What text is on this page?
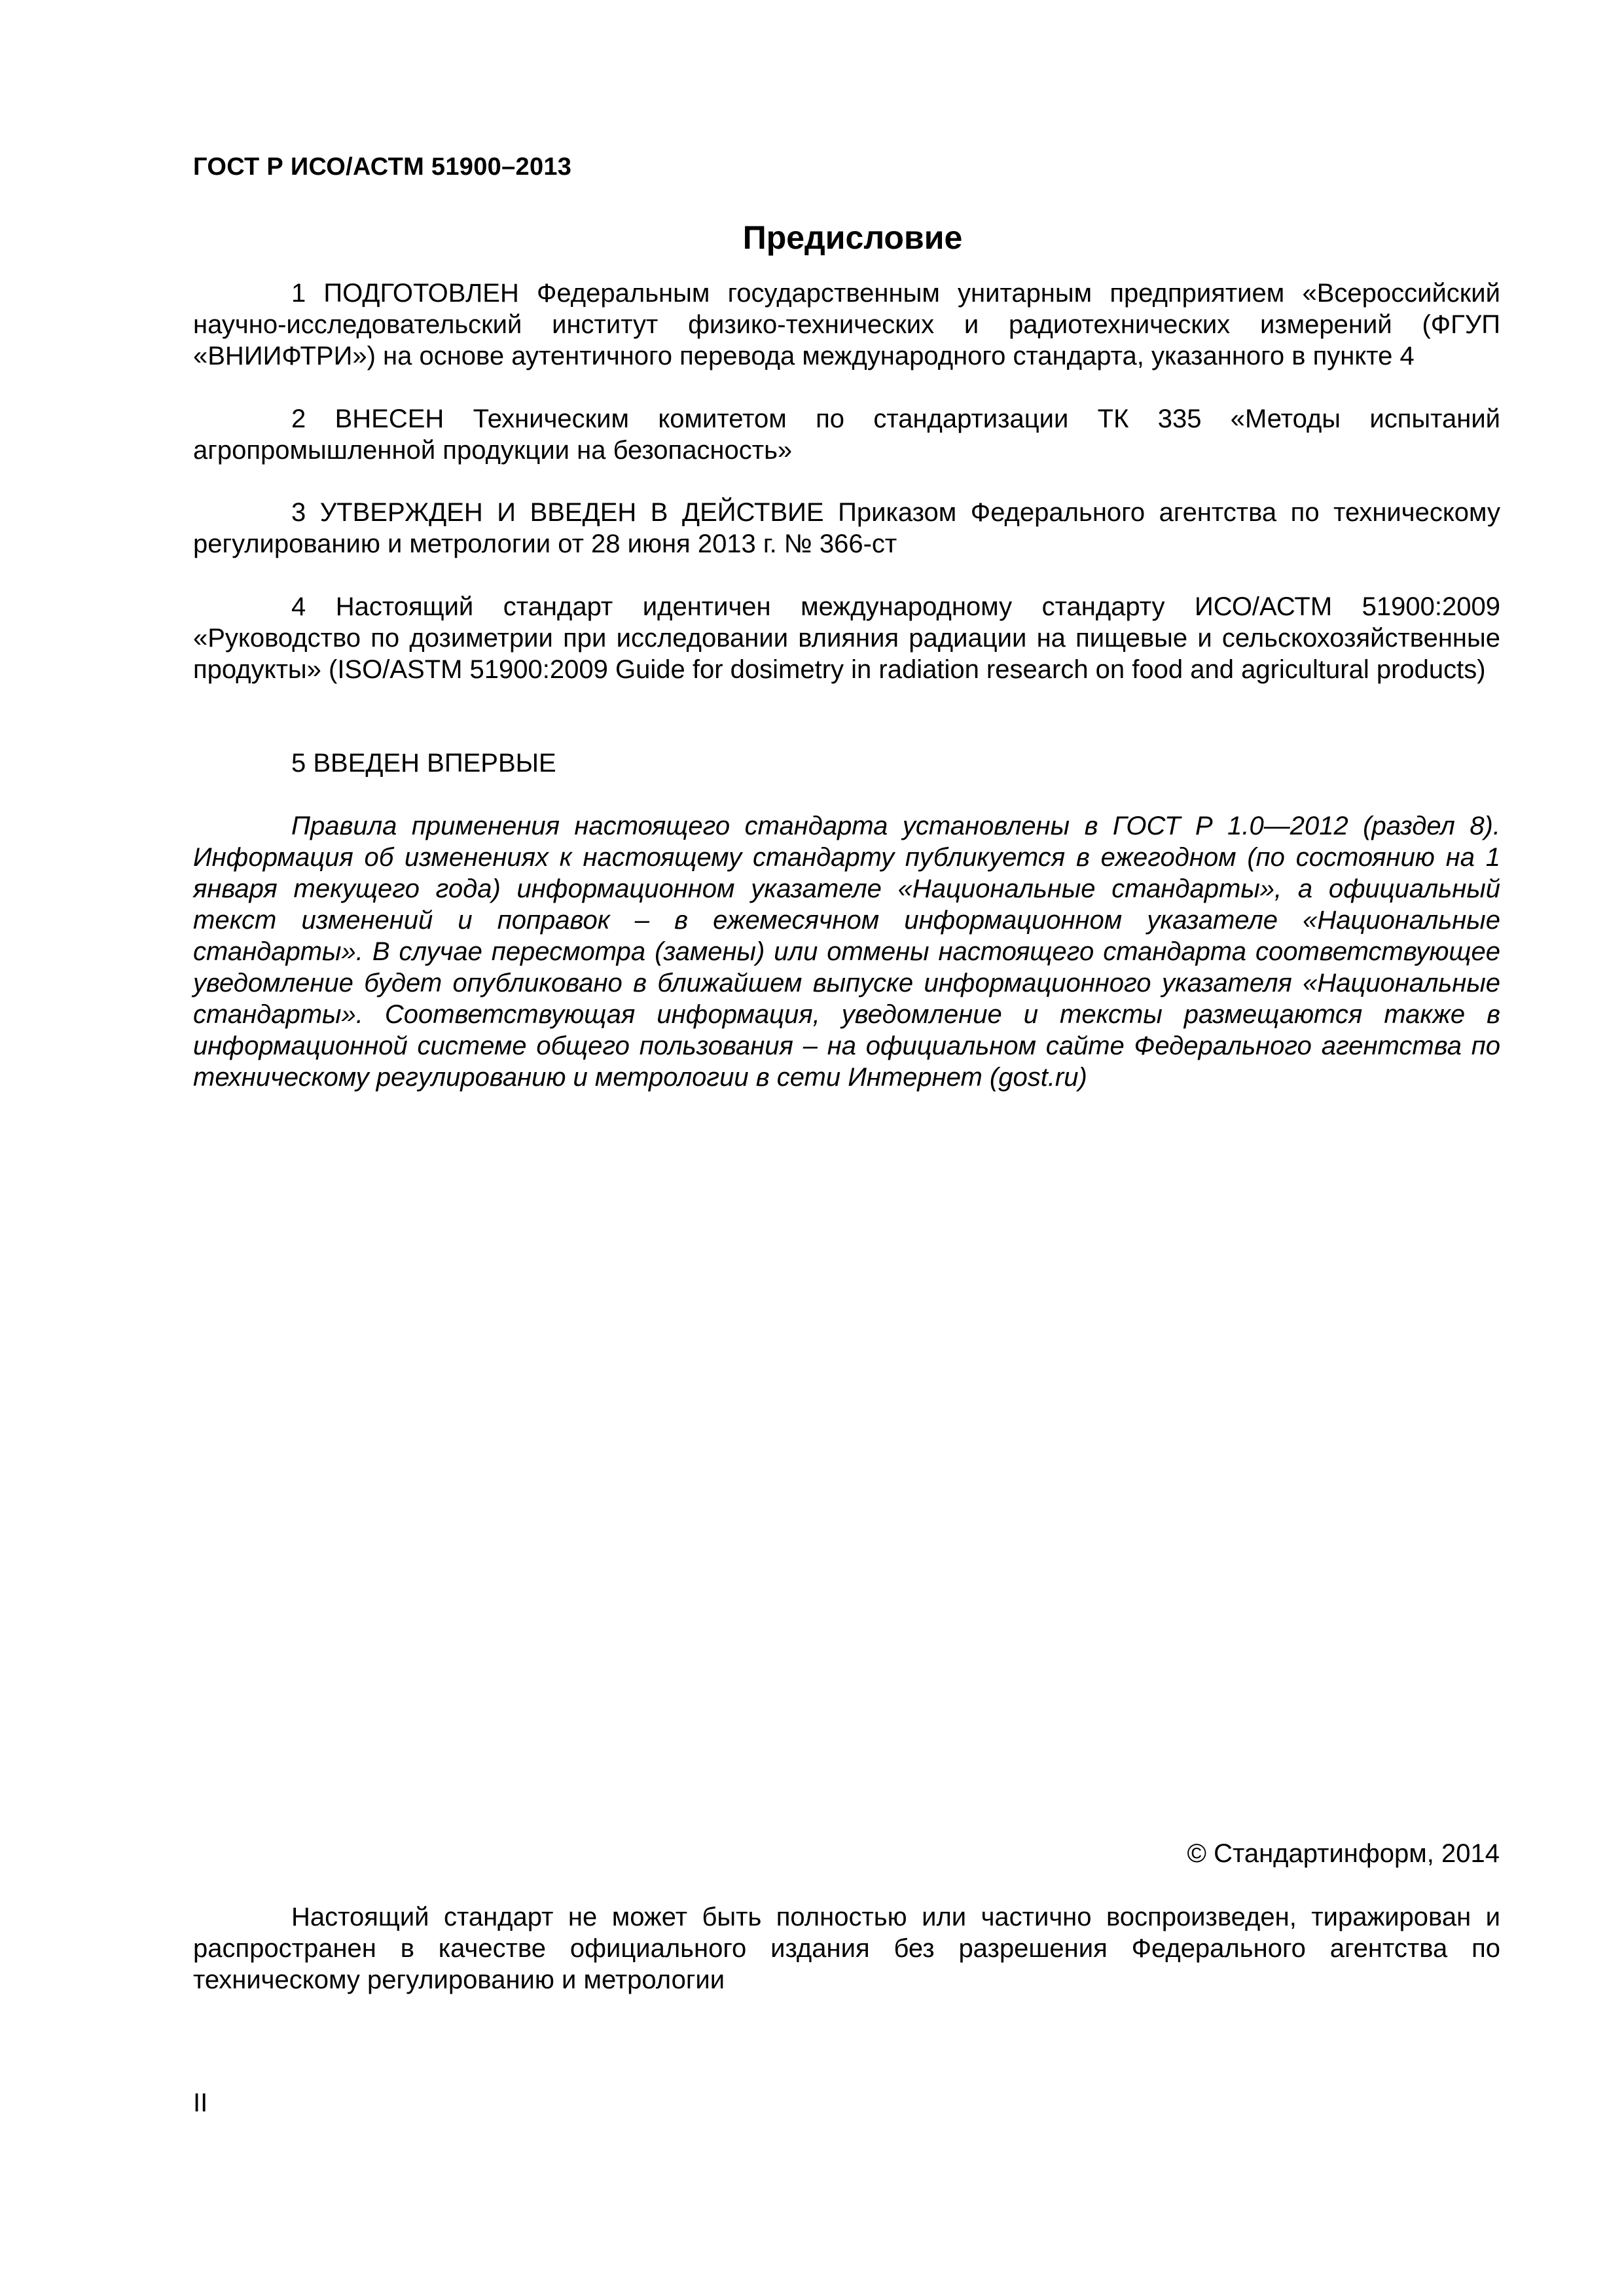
ГОСТ Р ИСО/АСТМ 51900–2013

Предисловие

1 ПОДГОТОВЛЕН Федеральным государственным унитарным предприятием «Всероссийский научно-исследовательский институт физико-технических и радиотехнических измерений (ФГУП «ВНИИФТРИ») на основе аутентичного перевода международного стандарта, указанного в пункте 4

2 ВНЕСЕН Техническим комитетом по стандартизации ТК 335 «Методы испытаний агропромышленной продукции на безопасность»

3 УТВЕРЖДЕН И ВВЕДЕН В ДЕЙСТВИЕ Приказом Федерального агентства по техническому регулированию и метрологии от 28 июня 2013 г. № 366-ст

4 Настоящий стандарт идентичен международному стандарту ИСО/АСТМ 51900:2009 «Руководство по дозиметрии при исследовании влияния радиации на пищевые и сельскохозяйственные продукты» (ISO/ASTM 51900:2009 Guide for dosimetry in radiation research on food and agricultural products)

5 ВВЕДЕН ВПЕРВЫЕ

Правила применения настоящего стандарта установлены в ГОСТ Р 1.0—2012 (раздел 8). Информация об изменениях к настоящему стандарту публикуется в ежегодном (по состоянию на 1 января текущего года) информационном указателе «Национальные стандарты», а официальный текст изменений и поправок – в ежемесячном информационном указателе «Национальные стандарты». В случае пересмотра (замены) или отмены настоящего стандарта соответствующее уведомление будет опубликовано в ближайшем выпуске информационного указателя «Национальные стандарты». Соответствующая информация, уведомление и тексты размещаются также в информационной системе общего пользования – на официальном сайте Федерального агентства по техническому регулированию и метрологии в сети Интернет (gost.ru)

© Стандартинформ, 2014

Настоящий стандарт не может быть полностью или частично воспроизведен, тиражирован и распространен в качестве официального издания без разрешения Федерального агентства по техническому регулированию и метрологии

II
